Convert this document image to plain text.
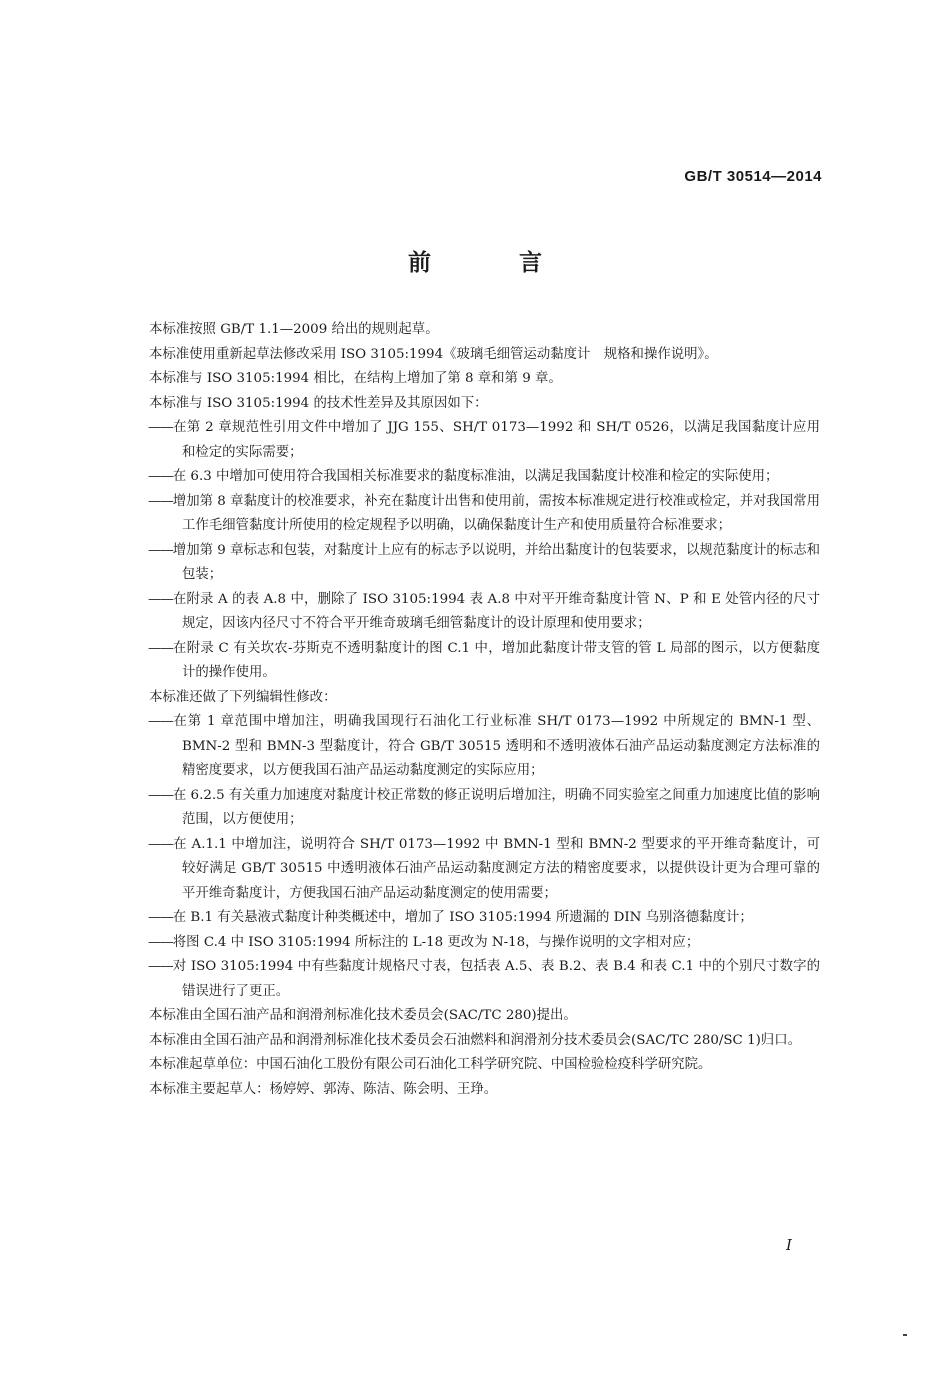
GB/T 30514—2014
前 言

本标准按照 GB/T 1.1—2009 给出的规则起草。

本标准使用重新起草法修改采用 ISO 3105:1994《玻璃毛细管运动黏度计　规格和操作说明》。

本标准与 ISO 3105:1994 相比，在结构上增加了第 8 章和第 9 章。

本标准与 ISO 3105:1994 的技术性差异及其原因如下：

——在第 2 章规范性引用文件中增加了 JJG 155、SH/T 0173—1992 和 SH/T 0526，以满足我国黏度计应用和检定的实际需要；

——在 6.3 中增加可使用符合我国相关标准要求的黏度标准油，以满足我国黏度计校准和检定的实际使用；

——增加第 8 章黏度计的校准要求，补充在黏度计出售和使用前，需按本标准规定进行校准或检定，并对我国常用工作毛细管黏度计所使用的检定规程予以明确，以确保黏度计生产和使用质量符合标准要求；

——增加第 9 章标志和包装，对黏度计上应有的标志予以说明，并给出黏度计的包装要求，以规范黏度计的标志和包装；

——在附录 A 的表 A.8 中，删除了 ISO 3105:1994 表 A.8 中对平开维奇黏度计管 N、P 和 E 处管内径的尺寸规定，因该内径尺寸不符合平开维奇玻璃毛细管黏度计的设计原理和使用要求；

——在附录 C 有关坎农-芬斯克不透明黏度计的图 C.1 中，增加此黏度计带支管的管 L 局部的图示，以方便黏度计的操作使用。

本标准还做了下列编辑性修改：

——在第 1 章范围中增加注，明确我国现行石油化工行业标准 SH/T 0173—1992 中所规定的 BMN-1 型、BMN-2 型和 BMN-3 型黏度计，符合 GB/T 30515 透明和不透明液体石油产品运动黏度测定方法标准的精密度要求，以方便我国石油产品运动黏度测定的实际应用；

——在 6.2.5 有关重力加速度对黏度计校正常数的修正说明后增加注，明确不同实验室之间重力加速度比值的影响范围，以方便使用；

——在 A.1.1 中增加注，说明符合 SH/T 0173—1992 中 BMN-1 型和 BMN-2 型要求的平开维奇黏度计，可较好满足 GB/T 30515 中透明液体石油产品运动黏度测定方法的精密度要求，以提供设计更为合理可靠的平开维奇黏度计，方便我国石油产品运动黏度测定的使用需要；

——在 B.1 有关悬液式黏度计种类概述中，增加了 ISO 3105:1994 所遗漏的 DIN 乌别洛德黏度计；

——将图 C.4 中 ISO 3105:1994 所标注的 L-18 更改为 N-18，与操作说明的文字相对应；

——对 ISO 3105:1994 中有些黏度计规格尺寸表，包括表 A.5、表 B.2、表 B.4 和表 C.1 中的个别尺寸数字的错误进行了更正。

本标准由全国石油产品和润滑剂标准化技术委员会(SAC/TC 280)提出。

本标准由全国石油产品和润滑剂标准化技术委员会石油燃料和润滑剂分技术委员会(SAC/TC 280/SC 1)归口。

本标准起草单位：中国石油化工股份有限公司石油化工科学研究院、中国检验检疫科学研究院。

本标准主要起草人：杨婷婷、郭涛、陈洁、陈会明、王琤。

I
